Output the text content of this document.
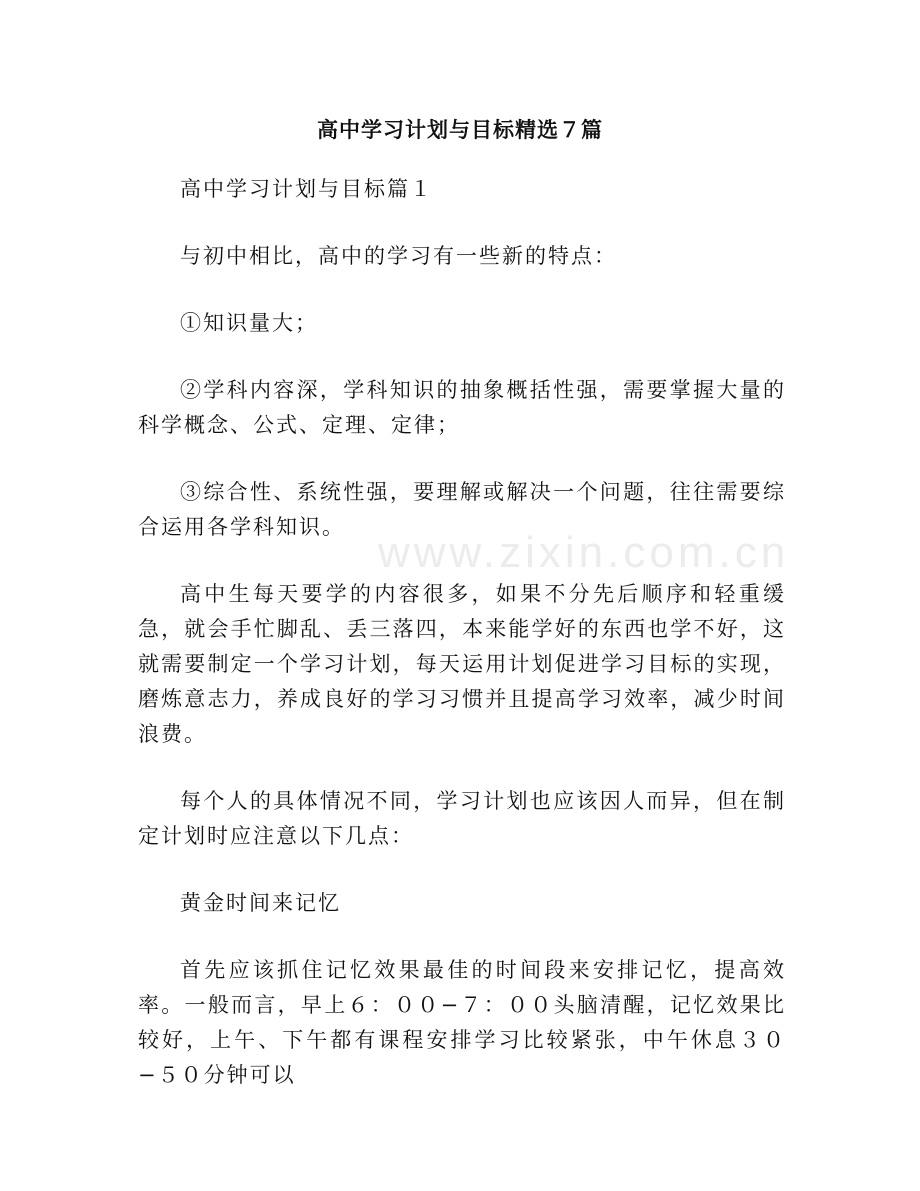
www.zixin.com.cn
高中学习计划与目标精选７篇

高中学习计划与目标篇１

与初中相比，高中的学习有一些新的特点：

①知识量大；

②学科内容深，学科知识的抽象概括性强，需要掌握大量的科学概念、公式、定理、定律；

③综合性、系统性强，要理解或解决一个问题，往往需要综合运用各学科知识。

高中生每天要学的内容很多，如果不分先后顺序和轻重缓急，就会手忙脚乱、丢三落四，本来能学好的东西也学不好，这就需要制定一个学习计划，每天运用计划促进学习目标的实现，磨炼意志力，养成良好的学习习惯并且提高学习效率，减少时间浪费。

每个人的具体情况不同，学习计划也应该因人而异，但在制定计划时应注意以下几点：

黄金时间来记忆

首先应该抓住记忆效果最佳的时间段来安排记忆，提高效率。一般而言，早上６：００−７：００头脑清醒，记忆效果比较好，上午、下午都有课程安排学习比较紧张，中午休息３０−５０分钟可以
